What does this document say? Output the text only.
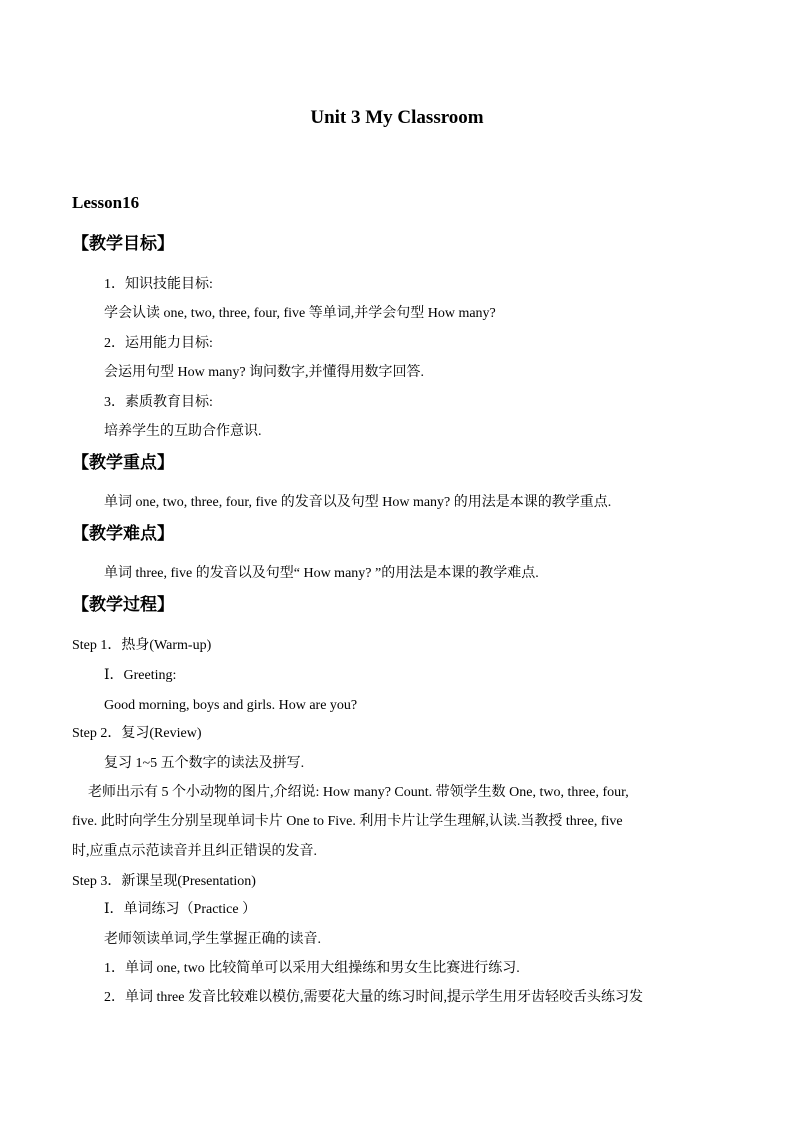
Unit 3 My Classroom
Lesson16
【教学目标】
1．知识技能目标:
学会认读 one, two, three, four, five 等单词,并学会句型 How many?
2．运用能力目标:
会运用句型 How many? 询问数字,并懂得用数字回答.
3．素质教育目标:
培养学生的互助合作意识.
【教学重点】
单词 one, two, three, four, five 的发音以及句型 How many? 的用法是本课的教学重点.
【教学难点】
单词 three, five 的发音以及句型“ How many? ”的用法是本课的教学难点.
【教学过程】
Step 1．热身(Warm-up)
Ⅰ．Greeting:
Good morning, boys and girls. How are you?
Step 2．复习(Review)
复习 1~5 五个数字的读法及拼写.
老师出示有 5 个小动物的图片,介绍说: How many? Count. 带领学生数 One, two, three, four,
five. 此时向学生分别呈现单词卡片 One to Five. 利用卡片让学生理解,认读.当教授 three, five
时,应重点示范读音并且纠正错误的发音.
Step 3．新课呈现(Presentation)
Ⅰ．单词练习（Practice ）
老师领读单词,学生掌握正确的读音.
1．单词 one, two 比较简单可以采用大组操练和男女生比赛进行练习.
2．单词 three 发音比较难以模仿,需要花大量的练习时间,提示学生用牙齿轻咬舌头练习发
